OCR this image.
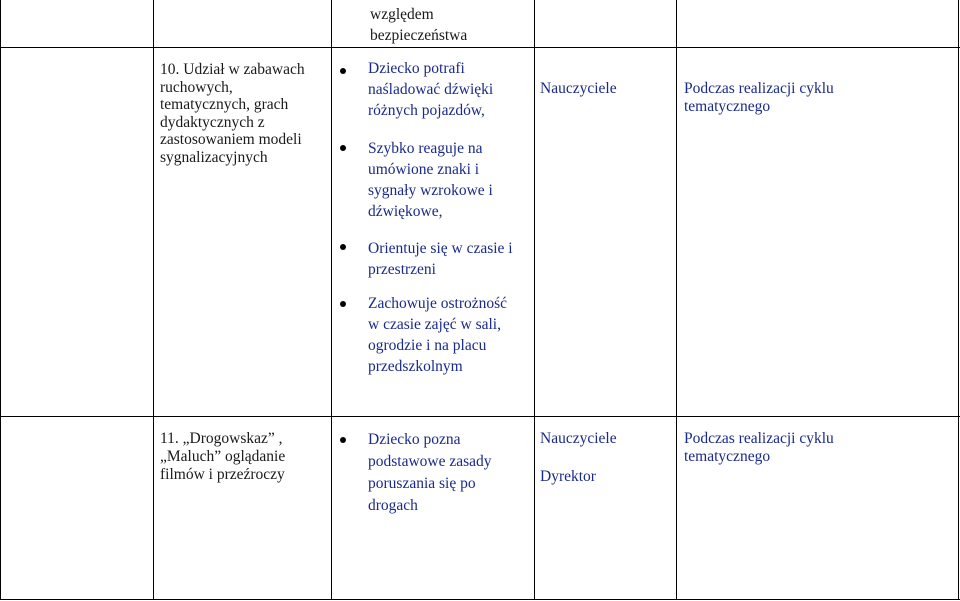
względem
bezpieczeństwa
10. Udział w zabawach
ruchowych,
tematycznych, grach
dydaktycznych z
zastosowaniem modeli
sygnalizacyjnych
Dziecko potrafi
naśladować dźwięki
różnych pojazdów,
Szybko reaguje na
umówione znaki i
sygnały wzrokowe i
dźwiękowe,
Orientuje się w czasie i
przestrzeni
Zachowuje ostrożność
w czasie zajęć w sali,
ogrodzie i na placu
przedszkolnym
Nauczyciele	Podczas realizacji cyklu
tematycznego
11. „Drogowskaz” ,
„Maluch” oglądanie
filmów i przeźroczy
Dziecko pozna
podstawowe zasady
poruszania się po
drogach
Nauczyciele
Dyrektor
Podczas realizacji cyklu
tematycznego
